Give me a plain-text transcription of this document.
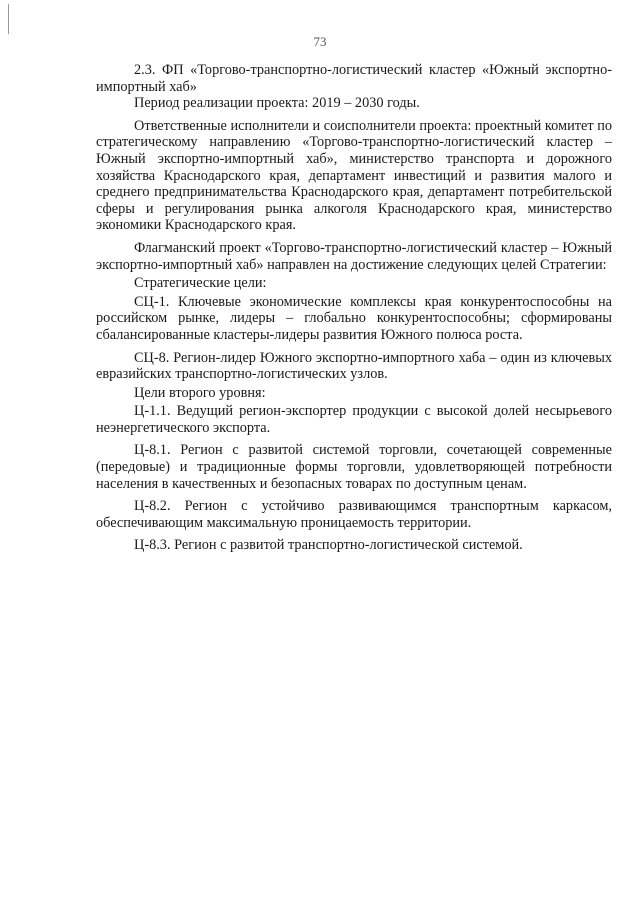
73

2.3. ФП «Торгово-транспортно-логистический кластер «Южный экспортно-импортный хаб»

Период реализации проекта: 2019 – 2030 годы.

Ответственные исполнители и соисполнители проекта: проектный комитет по стратегическому направлению «Торгово-транспортно-логистический кластер – Южный экспортно-импортный хаб», министерство транспорта и дорожного хозяйства Краснодарского края, департамент инвестиций и развития малого и среднего предпринимательства Краснодарского края, департамент потребительской сферы и регулирования рынка алкоголя Краснодарского края, министерство экономики Краснодарского края.

Флагманский проект «Торгово-транспортно-логистический кластер – Южный экспортно-импортный хаб» направлен на достижение следующих целей Стратегии:

Стратегические цели:

СЦ-1. Ключевые экономические комплексы края конкурентоспособны на российском рынке, лидеры – глобально конкурентоспособны; сформированы сбалансированные кластеры-лидеры развития Южного полюса роста.

СЦ-8. Регион-лидер Южного экспортно-импортного хаба – один из ключевых евразийских транспортно-логистических узлов.

Цели второго уровня:

Ц-1.1. Ведущий регион-экспортер продукции с высокой долей несырьевого неэнергетического экспорта.

Ц-8.1. Регион с развитой системой торговли, сочетающей современные (передовые) и традиционные формы торговли, удовлетворяющей потребности населения в качественных и безопасных товарах по доступным ценам.

Ц-8.2. Регион с устойчиво развивающимся транспортным каркасом, обеспечивающим максимальную проницаемость территории.

Ц-8.3. Регион с развитой транспортно-логистической системой.
